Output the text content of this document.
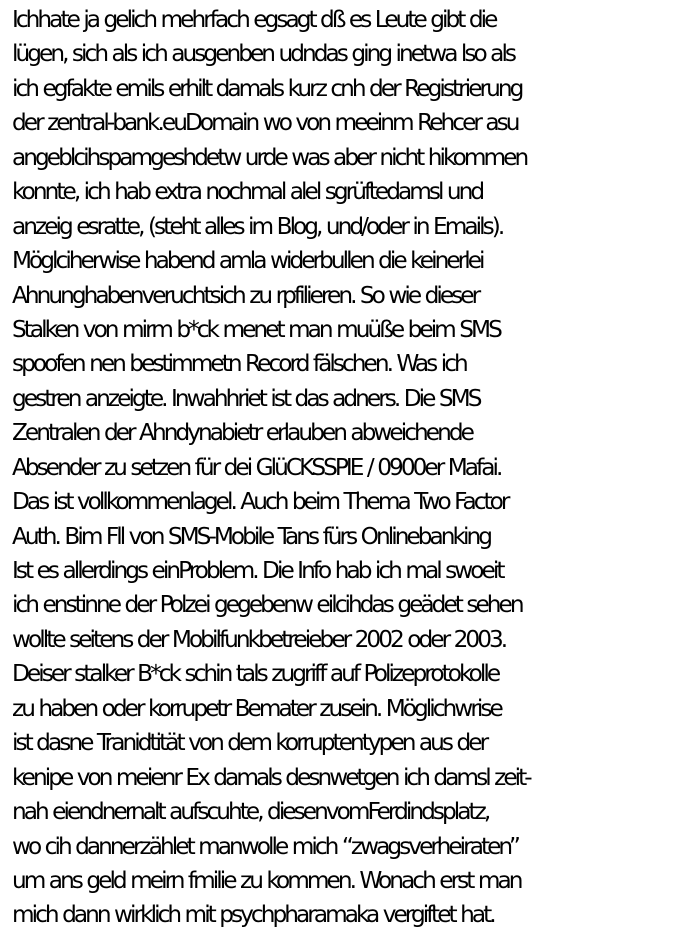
Ichhate ja gelich mehrfach egsagt dß es Leute gibt die
lügen, sich als ich ausgenben udndas ging inetwa lso als
ich egfakte emils erhilt damals kurz cnh der Registrierung
der zentral-bank.euDomain wo von meeinm Rehcer asu
angeblcihspamgeshdetw urde was aber nicht hikommen
konnte, ich hab extra nochmal alel sgrüftedamsl und
anzeig esratte, (steht alles im Blog, und/oder in Emails).
Möglciherwise habend amla widerbullen die keinerlei
Ahnunghabenveruchtsich zu rpfilieren. So wie dieser
Stalken von mirm b*ck menet man muüße beim SMS
spoofen nen bestimmetn Record fälschen. Was ich
gestren anzeigte. Inwahhriet ist das adners. Die SMS
Zentralen der Ahndynabietr erlauben abweichende
Absender zu setzen für dei GlüCKSSPIE / 0900er Mafai.
Das ist vollkommenlagel. Auch beim Thema Two Factor
Auth. Bim Fll von SMS-Mobile Tans fürs Onlinebanking
Ist es allerdings einProblem. Die Info hab ich mal swoeit
ich enstinne der Polzei gegebenw eilcihdas geädet sehen
wollte seitens der Mobilfunkbetreieber 2002 oder 2003.
Deiser stalker B*ck schin tals zugriff auf Polizeprotokolle
zu haben oder korrupetr Bemater zusein. Möglichwrise
ist dasne Tranidtität von dem korruptentypen aus der
kenipe von meienr Ex damals desnwetgen ich damsl zeit-
nah eiendnernalt aufscuhte, diesenvomFerdindsplatz,
wo cih dannerzählet manwolle mich “zwagsverheiraten”
um ans geld meirn fmilie zu kommen. Wonach erst man
mich dann wirklich mit psychpharamaka vergiftet hat.
